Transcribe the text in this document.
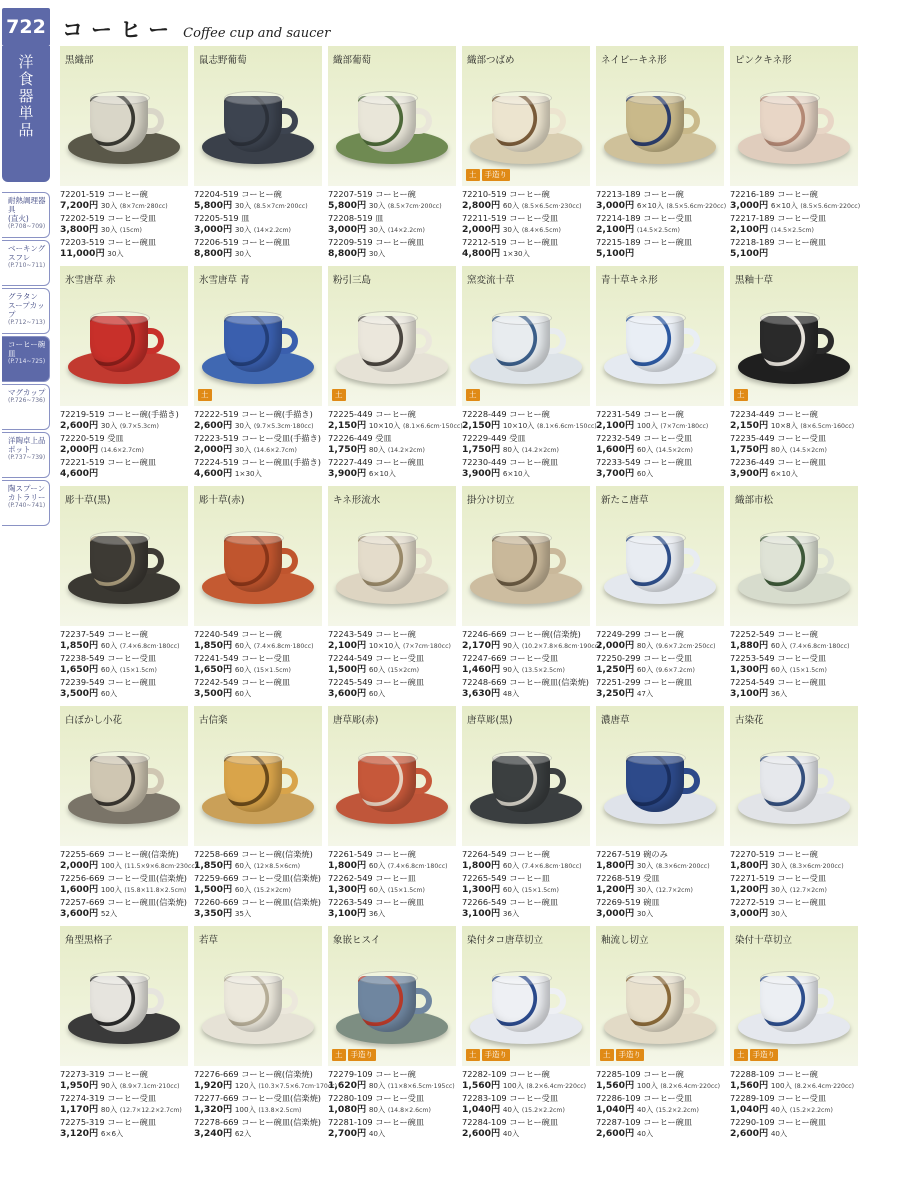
722
洋
食
器
単
品
耐熱調理器具
(直火)
(P.708~709)
ベーキング
スフレ
(P.710~711)
グラタン
スープカップ
(P.712~713)
コーヒー碗皿
(P.714~725)
マグカップ
(P.726~736)
洋陶卓上品
ポット
(P.737~739)
陶スプーン
カトラリー
(P.740~741)
コーヒー Coffee cup and saucer
黒織部
72201-519 コーヒー碗
7,200円 30入 (8×7cm·280cc)
72202-519 コーヒー受皿
3,800円 30入 (15cm)
72203-519 コーヒー碗皿
11,000円 30入
鼠志野葡萄
72204-519 コーヒー碗
5,800円 30入 (8.5×7cm·200cc)
72205-519 皿
3,000円 30入 (14×2.2cm)
72206-519 コーヒー碗皿
8,800円 30入
織部葡萄
72207-519 コーヒー碗
5,800円 30入 (8.5×7cm·200cc)
72208-519 皿
3,000円 30入 (14×2.2cm)
72209-519 コーヒー碗皿
8,800円 30入
織部つばめ
土	手造り
72210-519 コーヒー碗
2,800円 60入 (8.5×6.5cm·230cc)
72211-519 コーヒー受皿
2,000円 30入 (8.4×6.5cm)
72212-519 コーヒー碗皿
4,800円 1×30入
ネイビーキネ形
72213-189 コーヒー碗
3,000円 6×10入 (8.5×5.6cm·220cc)
72214-189 コーヒー受皿
2,100円 (14.5×2.5cm)
72215-189 コーヒー碗皿
5,100円
ピンクキネ形
72216-189 コーヒー碗
3,000円 6×10入 (8.5×5.6cm·220cc)
72217-189 コーヒー受皿
2,100円 (14.5×2.5cm)
72218-189 コーヒー碗皿
5,100円
氷雪唐草 赤
72219-519 コーヒー碗(手描き)
2,600円 30入 (9.7×5.3cm)
72220-519 受皿
2,000円 (14.6×2.7cm)
72221-519 コーヒー碗皿
4,600円
氷雪唐草 青
土
72222-519 コーヒー碗(手描き)
2,600円 30入 (9.7×5.3cm·180cc)
72223-519 コーヒー受皿(手描き)
2,000円 30入 (14.6×2.7cm)
72224-519 コーヒー碗皿(手描き)
4,600円 1×30入
粉引三島
土
72225-449 コーヒー碗
2,150円 10×10入 (8.1×6.6cm·150cc)
72226-449 受皿
1,750円 80入 (14.2×2cm)
72227-449 コーヒー碗皿
3,900円 6×10入
窯変流十草
土
72228-449 コーヒー碗
2,150円 10×10入 (8.1×6.6cm·150cc)
72229-449 受皿
1,750円 80入 (14.2×2cm)
72230-449 コーヒー碗皿
3,900円 6×10入
青十草キネ形
72231-549 コーヒー碗
2,100円 100入 (7×7cm·180cc)
72232-549 コーヒー受皿
1,600円 60入 (14.5×2cm)
72233-549 コーヒー碗皿
3,700円 60入
黒釉十草
土
72234-449 コーヒー碗
2,150円 10×8入 (8×6.5cm·160cc)
72235-449 コーヒー受皿
1,750円 80入 (14.5×2cm)
72236-449 コーヒー碗皿
3,900円 6×10入
彫十草(黒)
72237-549 コーヒー碗
1,850円 60入 (7.4×6.8cm·180cc)
72238-549 コーヒー受皿
1,650円 60入 (15×1.5cm)
72239-549 コーヒー碗皿
3,500円 60入
彫十草(赤)
72240-549 コーヒー碗
1,850円 60入 (7.4×6.8cm·180cc)
72241-549 コーヒー受皿
1,650円 60入 (15×1.5cm)
72242-549 コーヒー碗皿
3,500円 60入
キネ形流水
72243-549 コーヒー碗
2,100円 10×10入 (7×7cm·180cc)
72244-549 コーヒー受皿
1,500円 60入 (15×2cm)
72245-549 コーヒー碗皿
3,600円 60入
掛分け切立
72246-669 コーヒー碗(信楽焼)
2,170円 90入 (10.2×7.8×6.8cm·190cc)
72247-669 コーヒー受皿
1,460円 90入 (13.5×2.5cm)
72248-669 コーヒー碗皿(信楽焼)
3,630円 48入
新たこ唐草
72249-299 コーヒー碗
2,000円 80入 (9.6×7.2cm·250cc)
72250-299 コーヒー受皿
1,250円 60入 (9.6×7.2cm)
72251-299 コーヒー碗皿
3,250円 47入
織部市松
72252-549 コーヒー碗
1,880円 60入 (7.4×6.8cm·180cc)
72253-549 コーヒー受皿
1,300円 60入 (15×1.5cm)
72254-549 コーヒー碗皿
3,100円 36入
白ぼかし小花
72255-669 コーヒー碗(信楽焼)
2,000円 100入 (11.5×9×6.8cm·230cc)
72256-669 コーヒー受皿(信楽焼)
1,600円 100入 (15.8×11.8×2.5cm)
72257-669 コーヒー碗皿(信楽焼)
3,600円 52入
古信楽
72258-669 コーヒー碗(信楽焼)
1,850円 60入 (12×8.5×6cm)
72259-669 コーヒー受皿(信楽焼)
1,500円 60入 (15.2×2cm)
72260-669 コーヒー碗皿(信楽焼)
3,350円 35入
唐草彫(赤)
72261-549 コーヒー碗
1,800円 60入 (7.4×6.8cm·180cc)
72262-549 コーヒー皿
1,300円 60入 (15×1.5cm)
72263-549 コーヒー碗皿
3,100円 36入
唐草彫(黒)
72264-549 コーヒー碗
1,800円 60入 (7.4×6.8cm·180cc)
72265-549 コーヒー皿
1,300円 60入 (15×1.5cm)
72266-549 コーヒー碗皿
3,100円 36入
濃唐草
72267-519 碗のみ
1,800円 30入 (8.3×6cm·200cc)
72268-519 受皿
1,200円 30入 (12.7×2cm)
72269-519 碗皿
3,000円 30入
古染花
72270-519 コーヒー碗
1,800円 30入 (8.3×6cm·200cc)
72271-519 コーヒー受皿
1,200円 30入 (12.7×2cm)
72272-519 コーヒー碗皿
3,000円 30入
角型黒格子
72273-319 コーヒー碗
1,950円 90入 (8.9×7.1cm·210cc)
72274-319 コーヒー受皿
1,170円 80入 (12.7×12.2×2.7cm)
72275-319 コーヒー碗皿
3,120円 6×6入
若草
72276-669 コーヒー碗(信楽焼)
1,920円 120入 (10.3×7.5×6.7cm·170cc)
72277-669 コーヒー受皿(信楽焼)
1,320円 100入 (13.8×2.5cm)
72278-669 コーヒー碗皿(信楽焼)
3,240円 62入
象嵌ヒスイ
土	手造り
72279-109 コーヒー碗
1,620円 80入 (11×8×6.5cm·195cc)
72280-109 コーヒー受皿
1,080円 80入 (14.8×2.6cm)
72281-109 コーヒー碗皿
2,700円 40入
染付タコ唐草切立
土	手造り
72282-109 コーヒー碗
1,560円 100入 (8.2×6.4cm·220cc)
72283-109 コーヒー受皿
1,040円 40入 (15.2×2.2cm)
72284-109 コーヒー碗皿
2,600円 40入
釉流し切立
土	手造り
72285-109 コーヒー碗
1,560円 100入 (8.2×6.4cm·220cc)
72286-109 コーヒー受皿
1,040円 40入 (15.2×2.2cm)
72287-109 コーヒー碗皿
2,600円 40入
染付十草切立
土	手造り
72288-109 コーヒー碗
1,560円 100入 (8.2×6.4cm·220cc)
72289-109 コーヒー受皿
1,040円 40入 (15.2×2.2cm)
72290-109 コーヒー碗皿
2,600円 40入
